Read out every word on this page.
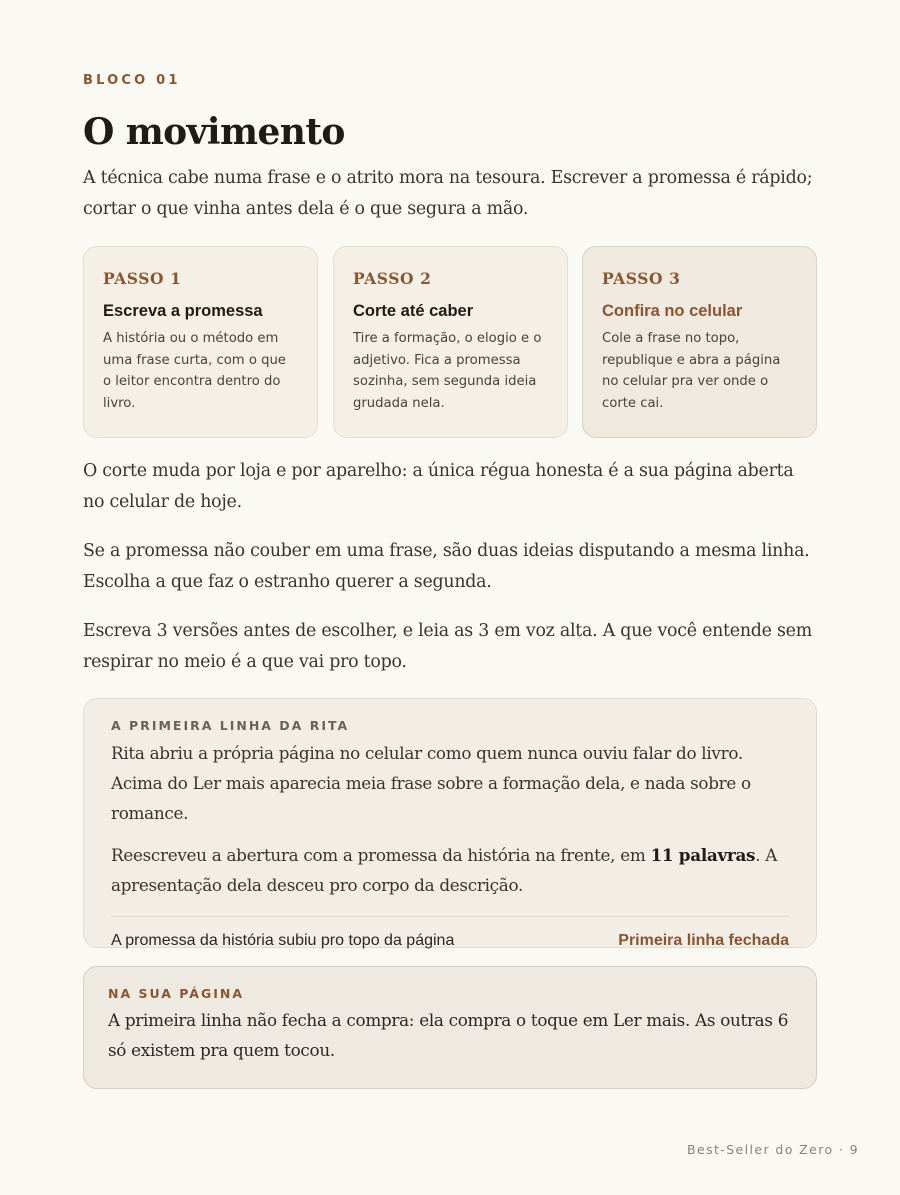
BLOCO 01
O movimento

A técnica cabe numa frase e o atrito mora na tesoura. Escrever a promessa é rápido; cortar o que vinha antes dela é o que segura a mão.

PASSO 1
Escreva a promessa
A história ou o método em uma frase curta, com o que o leitor encontra dentro do livro.
PASSO 2
Corte até caber
Tire a formação, o elogio e o adjetivo. Fica a promessa sozinha, sem segunda ideia grudada nela.
PASSO 3
Confira no celular
Cole a frase no topo, republique e abra a página no celular pra ver onde o corte cai.

O corte muda por loja e por aparelho: a única régua honesta é a sua página aberta no celular de hoje.

Se a promessa não couber em uma frase, são duas ideias disputando a mesma linha. Escolha a que faz o estranho querer a segunda.

Escreva 3 versões antes de escolher, e leia as 3 em voz alta. A que você entende sem respirar no meio é a que vai pro topo.

A PRIMEIRA LINHA DA RITA

Rita abriu a própria página no celular como quem nunca ouviu falar do livro. Acima do Ler mais aparecia meia frase sobre a formação dela, e nada sobre o romance.

Reescreveu a abertura com a promessa da história na frente, em 11 palavras. A apresentação dela desceu pro corpo da descrição.

A promessa da história subiu pro topo da página	Primeira linha fechada
NA SUA PÁGINA

A primeira linha não fecha a compra: ela compra o toque em Ler mais. As outras 6 só existem pra quem tocou.

Best-Seller do Zero · 9
